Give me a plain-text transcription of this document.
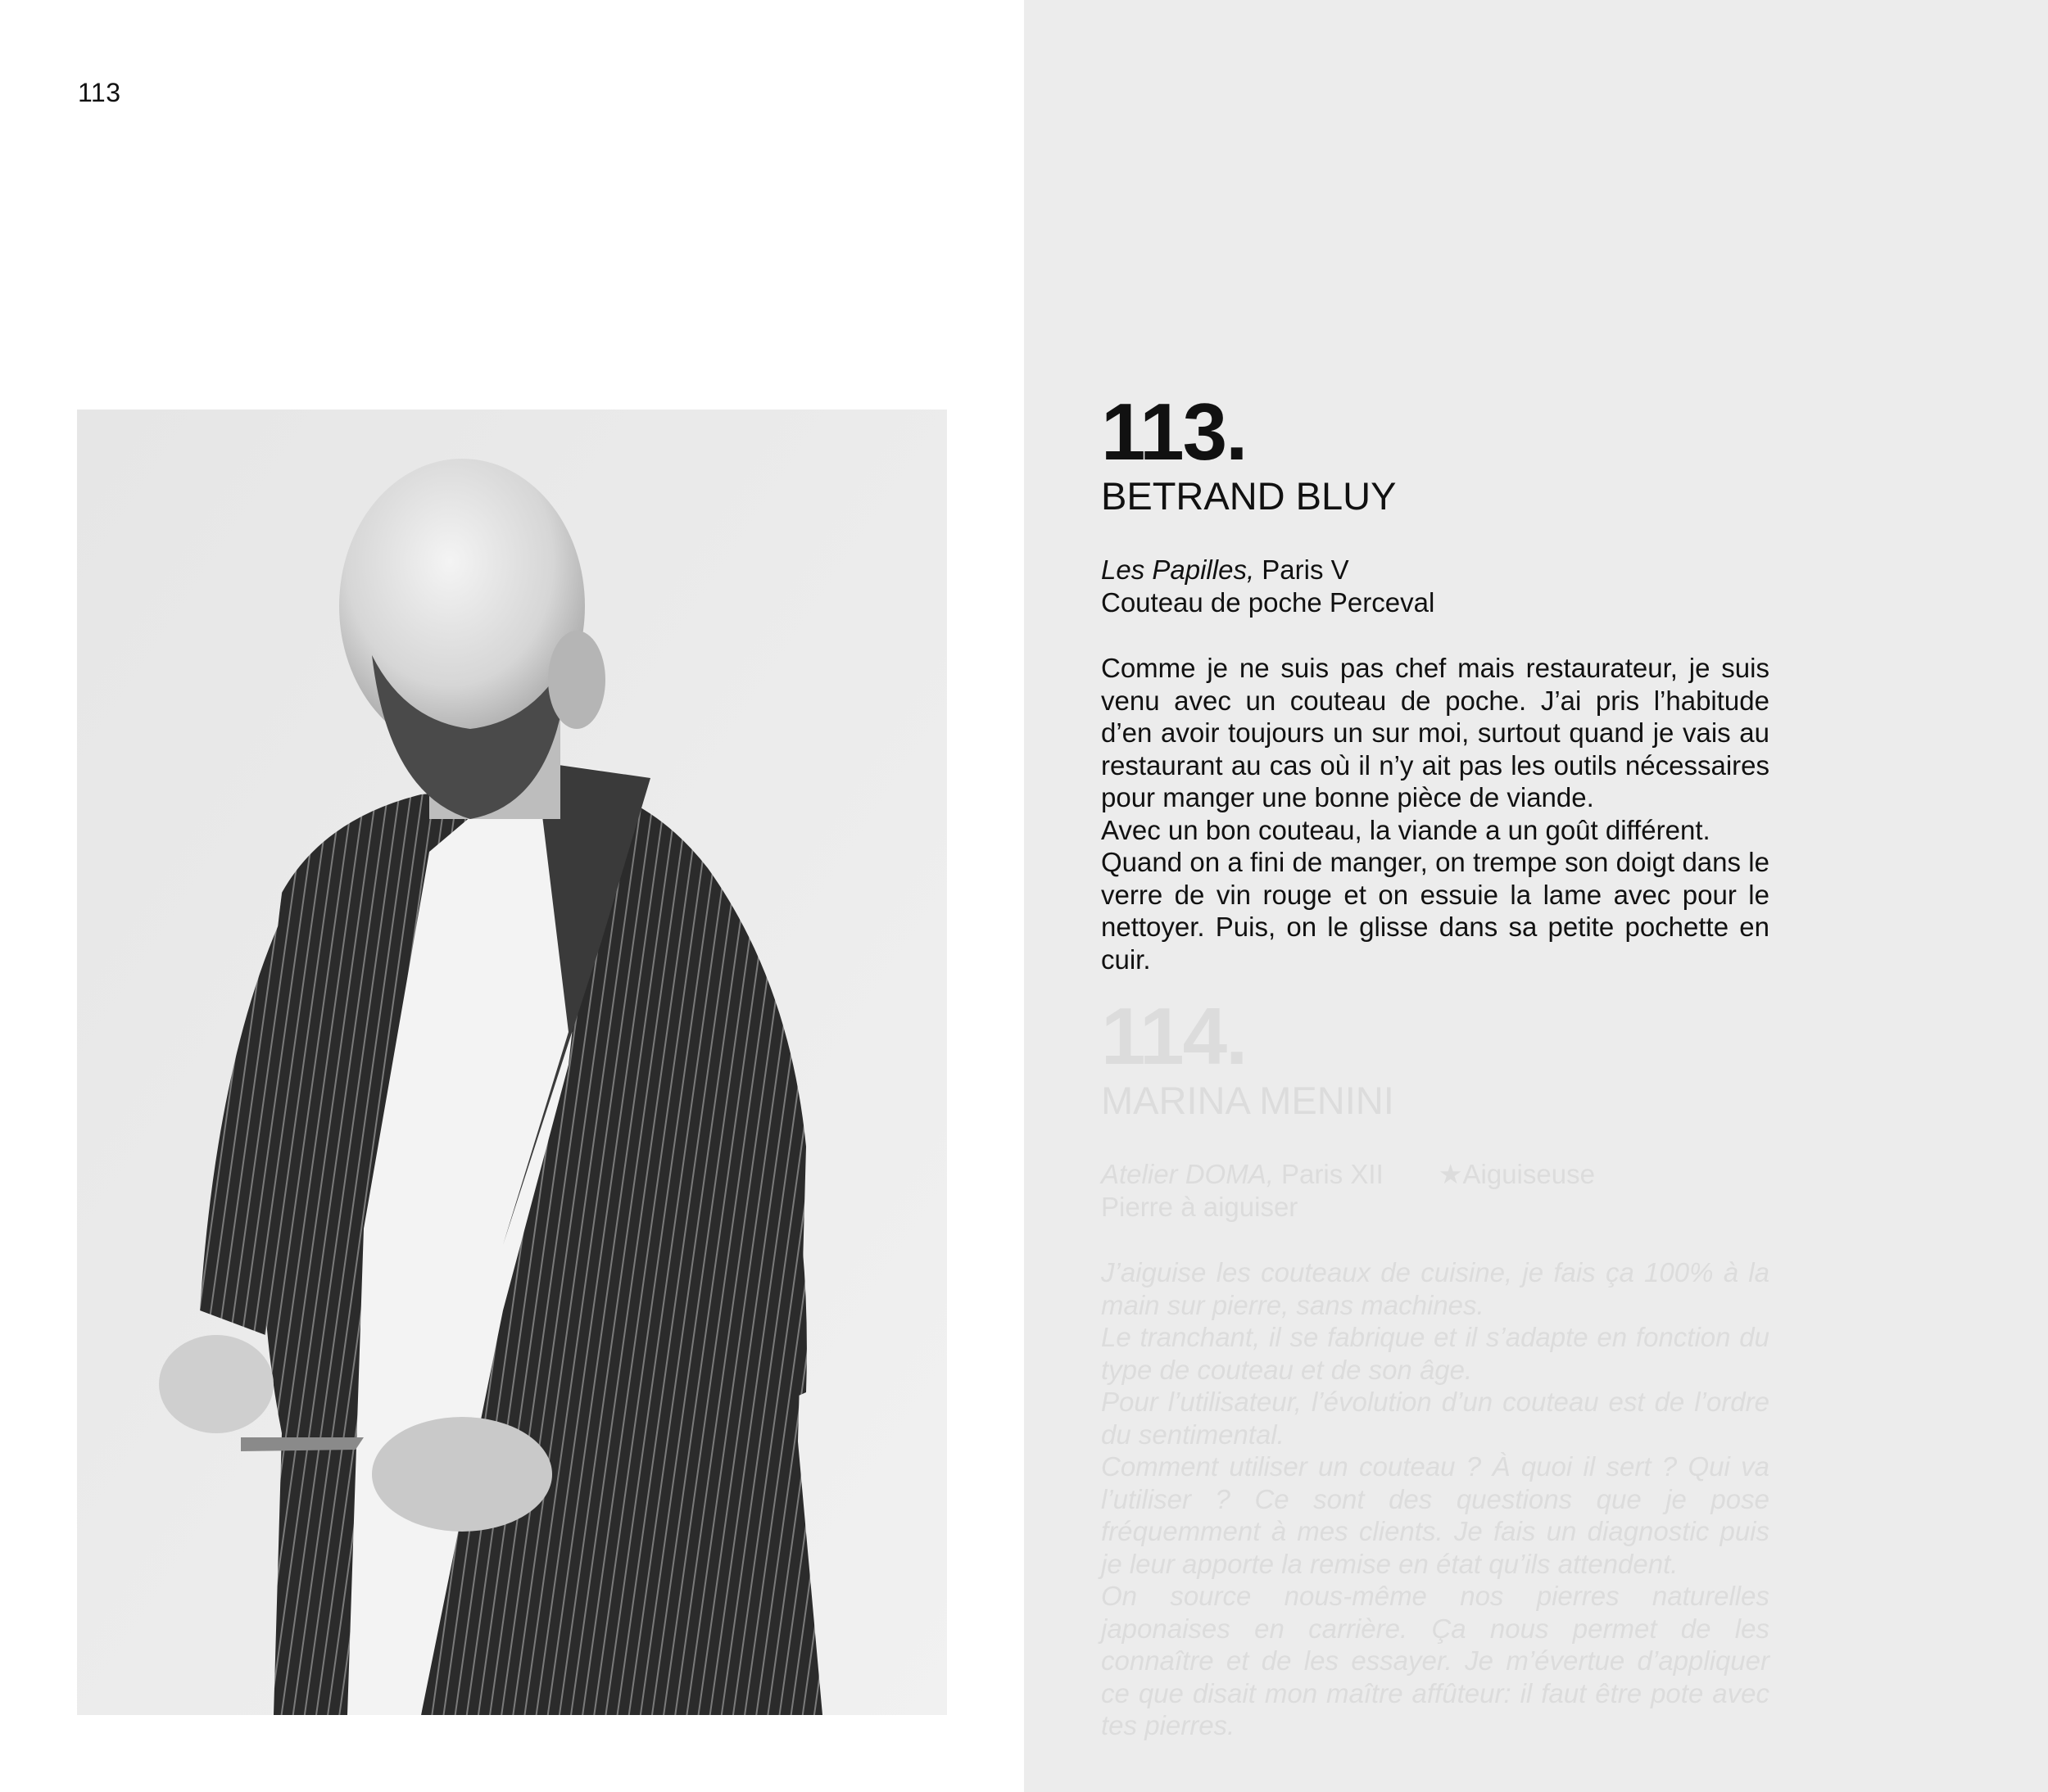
113
113.
BETRAND BLUY
Les Papilles, Paris V
Couteau de poche Perceval

Comme je ne suis pas chef mais restaurateur, je suis venu avec un couteau de poche. J’ai pris l’habitude d’en avoir toujours un sur moi, surtout quand je vais au restaurant au cas où il n’y ait pas les outils nécessaires pour manger une bonne pièce de viande.

Avec un bon couteau, la viande a un goût différent.

Quand on a fini de manger, on trempe son doigt dans le verre de vin rouge et on essuie la lame avec pour le nettoyer. Puis, on le glisse dans sa petite pochette en cuir.

114.
MARINA MENINI
Atelier DOMA, Paris XII ★Aiguiseuse
Pierre à aiguiser

J’aiguise les couteaux de cuisine, je fais ça 100% à la main sur pierre, sans machines.

Le tranchant, il se fabrique et il s’adapte en fonction du type de couteau et de son âge.

Pour l’utilisateur, l’évolution d’un couteau est de l’ordre du sentimental.

Comment utiliser un couteau ? À quoi il sert ? Qui va l’utiliser ? Ce sont des questions que je pose fréquemment à mes clients. Je fais un diagnostic puis je leur apporte la remise en état qu’ils attendent.

On source nous-même nos pierres naturelles japonaises en carrière. Ça nous permet de les connaître et de les essayer. Je m’évertue d’appliquer ce que disait mon maître affûteur: il faut être pote avec tes pierres.
